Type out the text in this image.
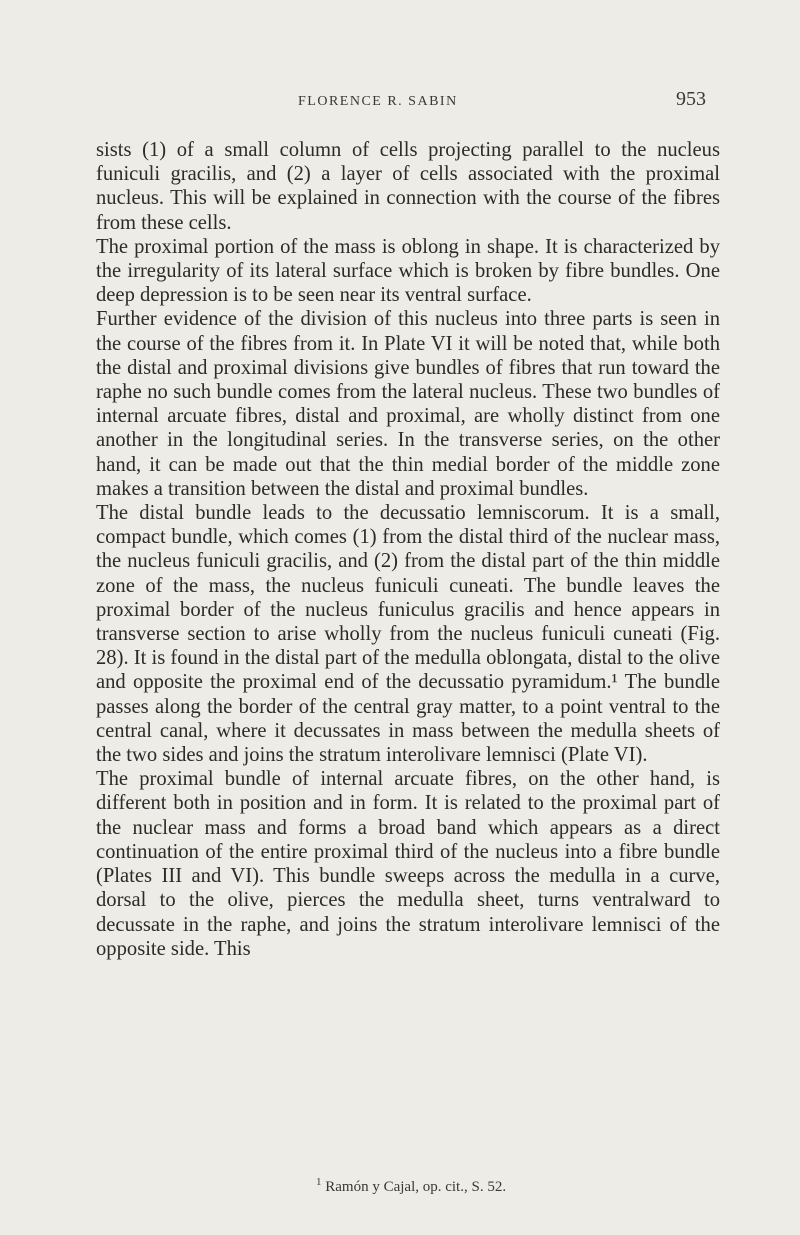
FLORENCE R. SABIN	953

sists (1) of a small column of cells projecting parallel to the nucleus funiculi gracilis, and (2) a layer of cells associated with the proximal nucleus. This will be explained in connection with the course of the fibres from these cells.

The proximal portion of the mass is oblong in shape. It is characterized by the irregularity of its lateral surface which is broken by fibre bundles. One deep depression is to be seen near its ventral surface.

Further evidence of the division of this nucleus into three parts is seen in the course of the fibres from it. In Plate VI it will be noted that, while both the distal and proximal divisions give bundles of fibres that run toward the raphe no such bundle comes from the lateral nucleus. These two bundles of internal arcuate fibres, distal and proximal, are wholly distinct from one another in the longitudinal series. In the transverse series, on the other hand, it can be made out that the thin medial border of the middle zone makes a transition between the distal and proximal bundles.

The distal bundle leads to the decussatio lemniscorum. It is a small, compact bundle, which comes (1) from the distal third of the nuclear mass, the nucleus funiculi gracilis, and (2) from the distal part of the thin middle zone of the mass, the nucleus funiculi cuneati. The bundle leaves the proximal border of the nucleus funiculus gracilis and hence appears in transverse section to arise wholly from the nucleus funiculi cuneati (Fig. 28). It is found in the distal part of the medulla oblongata, distal to the olive and opposite the proximal end of the decussatio pyramidum.¹ The bundle passes along the border of the central gray matter, to a point ventral to the central canal, where it decussates in mass between the medulla sheets of the two sides and joins the stratum interolivare lemnisci (Plate VI).

The proximal bundle of internal arcuate fibres, on the other hand, is different both in position and in form. It is related to the proximal part of the nuclear mass and forms a broad band which appears as a direct continuation of the entire proximal third of the nucleus into a fibre bundle (Plates III and VI). This bundle sweeps across the medulla in a curve, dorsal to the olive, pierces the medulla sheet, turns ventralward to decussate in the raphe, and joins the stratum interolivare lemnisci of the opposite side. This

$^1$ Ramón y Cajal, op. cit., S. 52.
